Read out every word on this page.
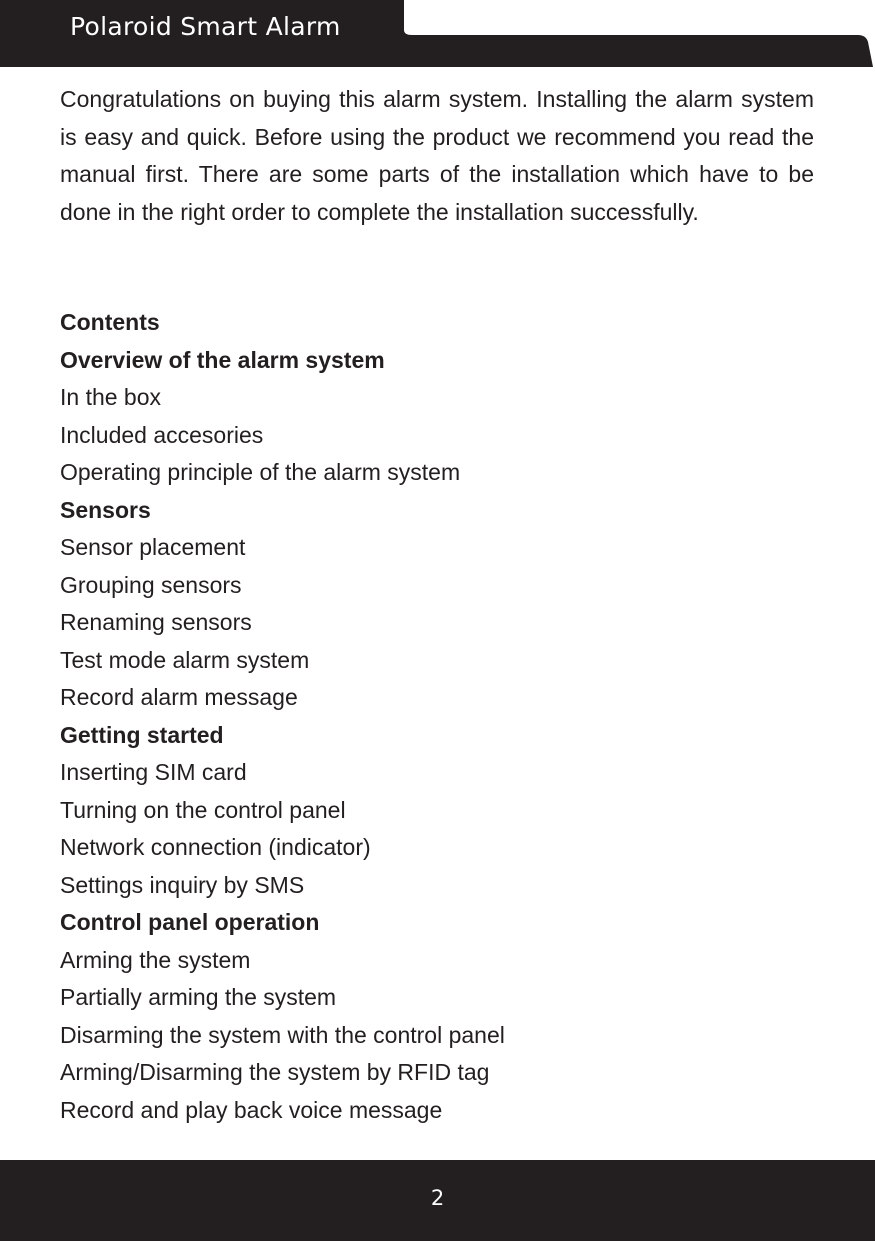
Polaroid Smart Alarm

Congratulations on buying this alarm system. Installing the alarm system is easy and quick. Before using the product we recommend you read the manual first. There are some parts of the installation which have to be done in the right order to complete the installation successfully.

Contents
Overview of the alarm system
In the box
Included accesories
Operating principle of the alarm system
Sensors
Sensor placement
Grouping sensors
Renaming sensors
Test mode alarm system
Record alarm message
Getting started
Inserting SIM card
Turning on the control panel
Network connection (indicator)
Settings inquiry by SMS
Control panel operation
Arming the system
Partially arming the system
Disarming the system with the control panel
Arming/Disarming the system by RFID tag
Record and play back voice message
2
